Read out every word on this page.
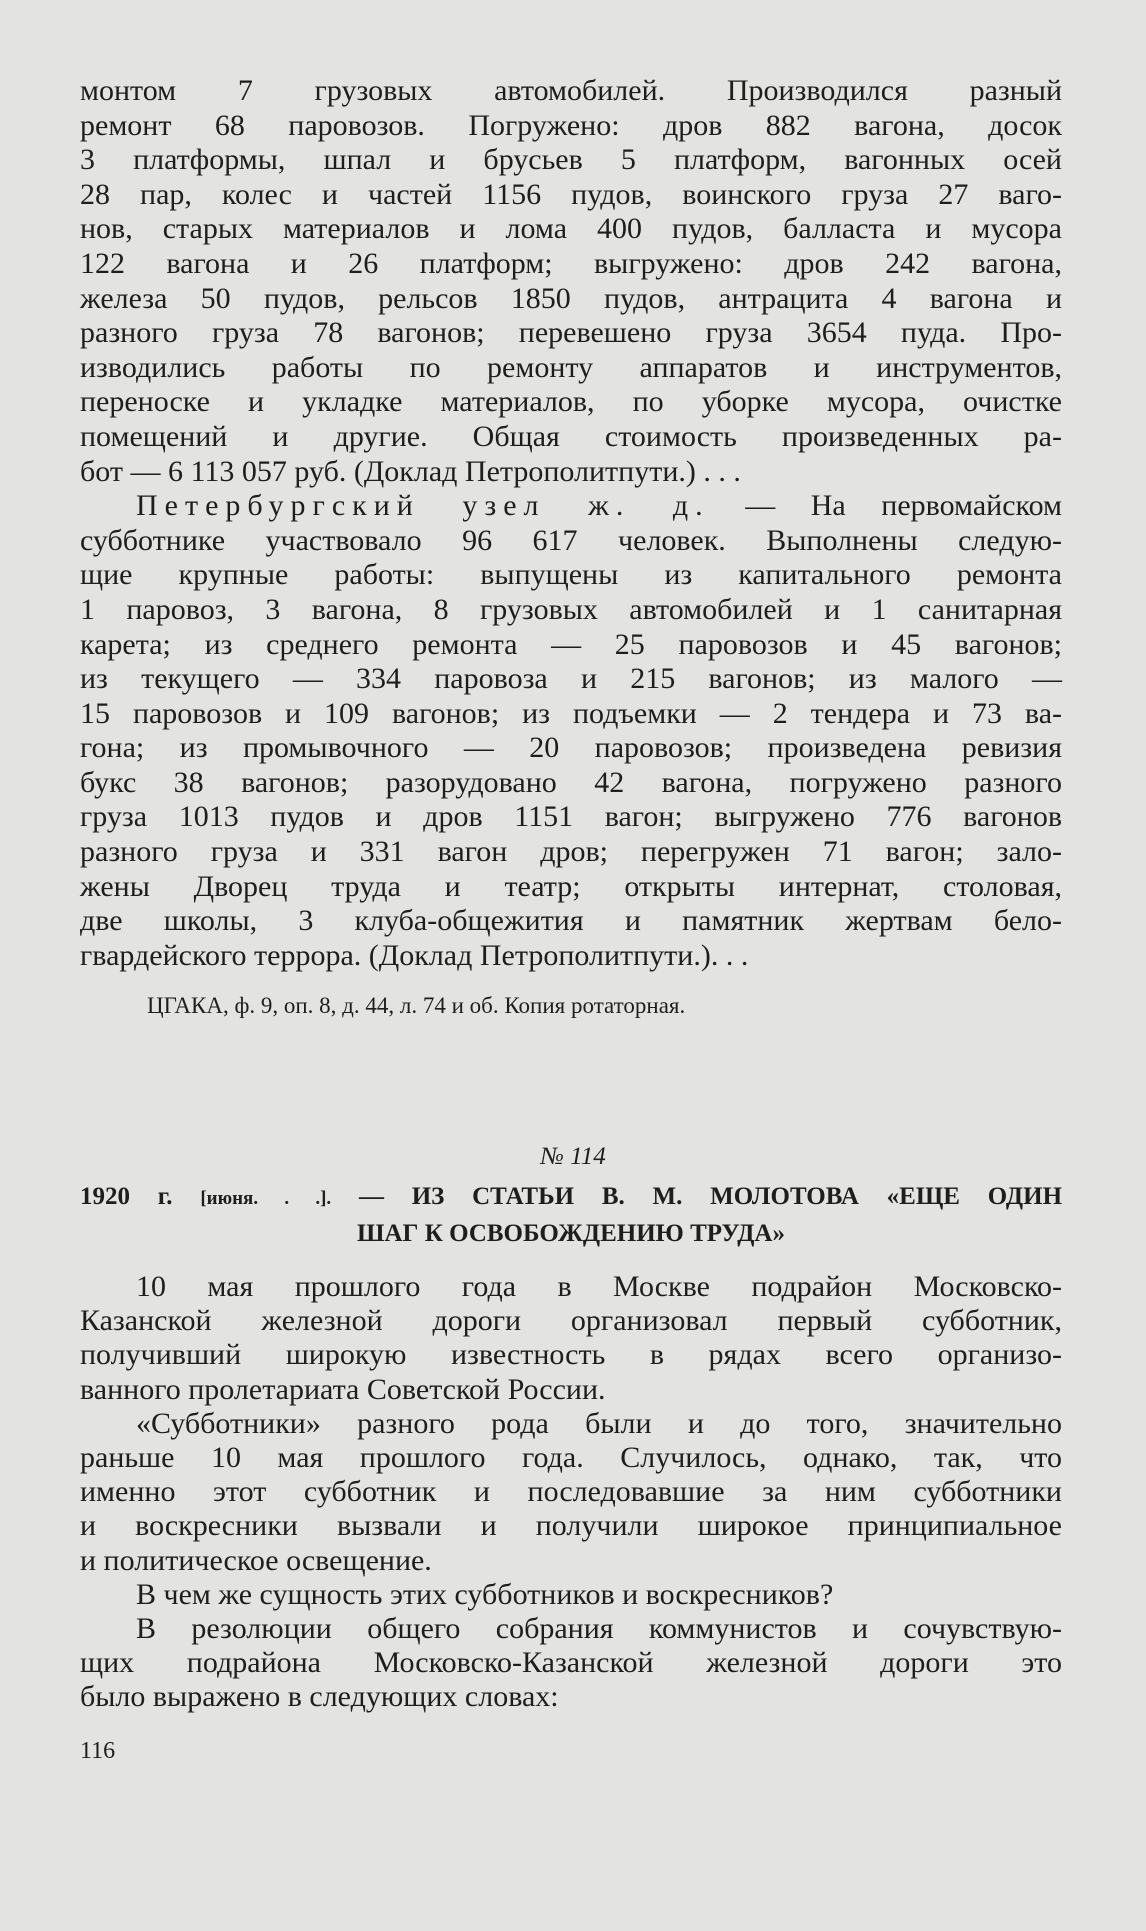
монтом 7 грузовых автомобилей. Производился разный
ремонт 68 паровозов. Погружено: дров 882 вагона, досок
3 платформы, шпал и брусьев 5 платформ, вагонных осей
28 пар, колес и частей 1156 пудов, воинского груза 27 ваго-
нов, старых материалов и лома 400 пудов, балласта и мусора
122 вагона и 26 платформ; выгружено: дров 242 вагона,
железа 50 пудов, рельсов 1850 пудов, антрацита 4 вагона и
разного груза 78 вагонов; перевешено груза 3654 пуда. Про-
изводились работы по ремонту аппаратов и инструментов,
переноске и укладке материалов, по уборке мусора, очистке
помещений и другие. Общая стоимость произведенных ра-
бот — 6 113 057 руб. (Доклад Петрополитпути.) . . .
Петербургский узел ж. д. — На первомайском
субботнике участвовало 96 617 человек. Выполнены следую-
щие крупные работы: выпущены из капитального ремонта
1 паровоз, 3 вагона, 8 грузовых автомобилей и 1 санитарная
карета; из среднего ремонта — 25 паровозов и 45 вагонов;
из текущего — 334 паровоза и 215 вагонов; из малого —
15 паровозов и 109 вагонов; из подъемки — 2 тендера и 73 ва-
гона; из промывочного — 20 паровозов; произведена ревизия
букс 38 вагонов; разорудовано 42 вагона, погружено разного
груза 1013 пудов и дров 1151 вагон; выгружено 776 вагонов
разного груза и 331 вагон дров; перегружен 71 вагон; зало-
жены Дворец труда и театр; открыты интернат, столовая,
две школы, 3 клуба-общежития и памятник жертвам бело-
гвардейского террора. (Доклад Петрополитпути.). . .
ЦГАКА, ф. 9, оп. 8, д. 44, л. 74 и об. Копия ротаторная.
№ 114
1920 г. [июня. . .]. — ИЗ СТАТЬИ В. М. МОЛОТОВА «ЕЩЕ ОДИН
ШАГ К ОСВОБОЖДЕНИЮ ТРУДА»
10 мая прошлого года в Москве подрайон Московско-
Казанской железной дороги организовал первый субботник,
получивший широкую известность в рядах всего организо-
ванного пролетариата Советской России.
«Субботники» разного рода были и до того, значительно
раньше 10 мая прошлого года. Случилось, однако, так, что
именно этот субботник и последовавшие за ним субботники
и воскресники вызвали и получили широкое принципиальное
и политическое освещение.
В чем же сущность этих субботников и воскресников?
В резолюции общего собрания коммунистов и сочувствую-
щих подрайона Московско-Казанской железной дороги это
было выражено в следующих словах:
116
